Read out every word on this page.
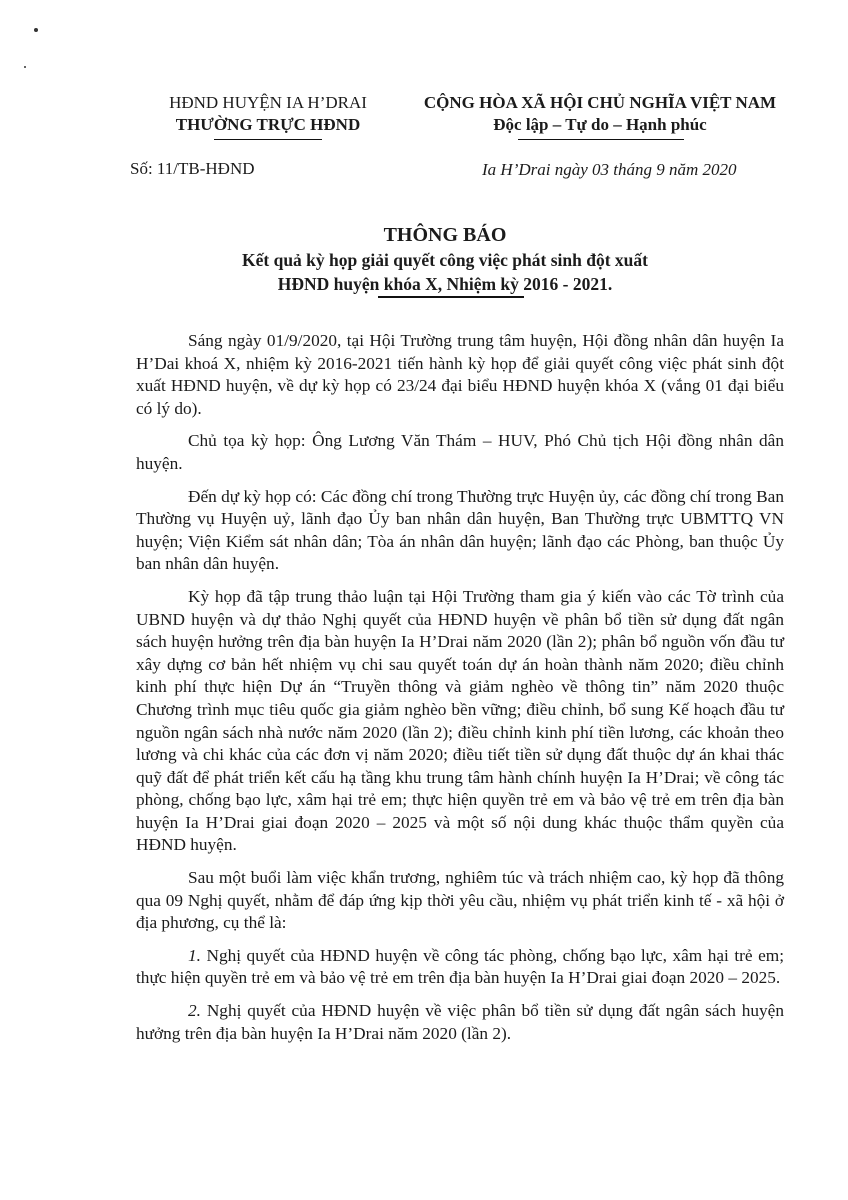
HĐND HUYỆN IA H’DRAI
THƯỜNG TRỰC HĐND
Số: 11/TB-HĐND
CỘNG HÒA XÃ HỘI CHỦ NGHĨA VIỆT NAM
Độc lập – Tự do – Hạnh phúc
Ia H’Drai ngày 03 tháng 9 năm 2020
THÔNG BÁO
Kết quả kỳ họp giải quyết công việc phát sinh đột xuất
HĐND huyện khóa X, Nhiệm kỳ 2016 - 2021.

Sáng ngày 01/9/2020, tại Hội Trường trung tâm huyện, Hội đồng nhân dân huyện Ia H’Dai khoá X, nhiệm kỳ 2016-2021 tiến hành kỳ họp để giải quyết công việc phát sinh đột xuất HĐND huyện, về dự kỳ họp có 23/24 đại biểu HĐND huyện khóa X (vắng 01 đại biểu có lý do).

Chủ tọa kỳ họp: Ông Lương Văn Thám – HUV, Phó Chủ tịch Hội đồng nhân dân huyện.

Đến dự kỳ họp có: Các đồng chí trong Thường trực Huyện ủy, các đồng chí trong Ban Thường vụ Huyện uỷ, lãnh đạo Ủy ban nhân dân huyện, Ban Thường trực UBMTTQ VN huyện; Viện Kiểm sát nhân dân; Tòa án nhân dân huyện; lãnh đạo các Phòng, ban thuộc Ủy ban nhân dân huyện.

Kỳ họp đã tập trung thảo luận tại Hội Trường tham gia ý kiến vào các Tờ trình của UBND huyện và dự thảo Nghị quyết của HĐND huyện về phân bổ tiền sử dụng đất ngân sách huyện hưởng trên địa bàn huyện Ia H’Drai năm 2020 (lần 2); phân bổ nguồn vốn đầu tư xây dựng cơ bản hết nhiệm vụ chi sau quyết toán dự án hoàn thành năm 2020; điều chỉnh kinh phí thực hiện Dự án “Truyền thông và giảm nghèo về thông tin” năm 2020 thuộc Chương trình mục tiêu quốc gia giảm nghèo bền vững; điều chỉnh, bổ sung Kế hoạch đầu tư nguồn ngân sách nhà nước năm 2020 (lần 2); điều chỉnh kinh phí tiền lương, các khoản theo lương và chi khác của các đơn vị năm 2020; điều tiết tiền sử dụng đất thuộc dự án khai thác quỹ đất để phát triển kết cấu hạ tầng khu trung tâm hành chính huyện Ia H’Drai; về công tác phòng, chống bạo lực, xâm hại trẻ em; thực hiện quyền trẻ em và bảo vệ trẻ em trên địa bàn huyện Ia H’Drai giai đoạn 2020 – 2025 và một số nội dung khác thuộc thẩm quyền của HĐND huyện.

Sau một buổi làm việc khẩn trương, nghiêm túc và trách nhiệm cao, kỳ họp đã thông qua 09 Nghị quyết, nhằm để đáp ứng kịp thời yêu cầu, nhiệm vụ phát triển kinh tế - xã hội ở địa phương, cụ thể là:

1. Nghị quyết của HĐND huyện về công tác phòng, chống bạo lực, xâm hại trẻ em; thực hiện quyền trẻ em và bảo vệ trẻ em trên địa bàn huyện Ia H’Drai giai đoạn 2020 – 2025.

2. Nghị quyết của HĐND huyện về việc phân bổ tiền sử dụng đất ngân sách huyện hưởng trên địa bàn huyện Ia H’Drai năm 2020 (lần 2).
